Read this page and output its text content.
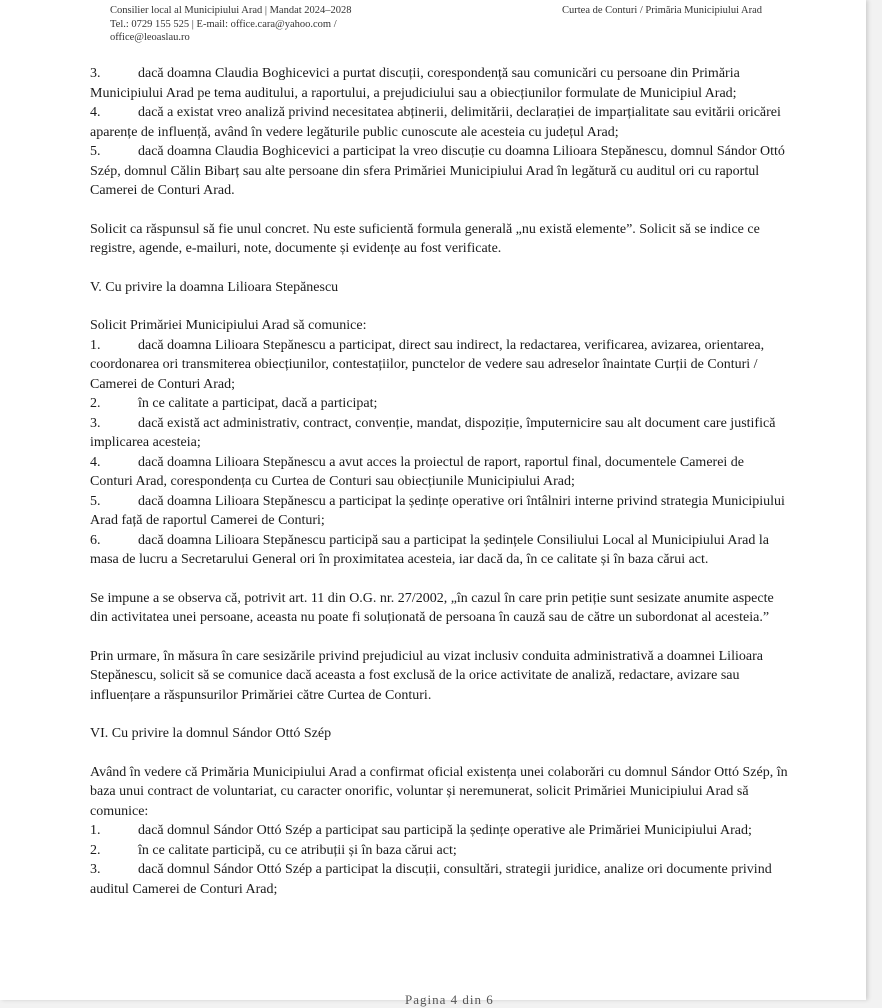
Consilier local al Municipiului Arad | Mandat 2024–2028
Tel.: 0729 155 525 | E-mail: office.cara@yahoo.com /
office@leoaslau.ro
Curtea de Conturi / Primăria Municipiului Arad

3.	dacă doamna Claudia Boghicevici a purtat discuții, corespondență sau comunicări cu persoane din Primăria Municipiului Arad pe tema auditului, a raportului, a prejudiciului sau a obiecțiunilor formulate de Municipiul Arad;

4.	dacă a existat vreo analiză privind necesitatea abținerii, delimitării, declarației de imparțialitate sau evitării oricărei aparențe de influență, având în vedere legăturile public cunoscute ale acesteia cu județul Arad;

5.	dacă doamna Claudia Boghicevici a participat la vreo discuție cu doamna Lilioara Stepănescu, domnul Sándor Ottó Szép, domnul Călin Bibarț sau alte persoane din sfera Primăriei Municipiului Arad în legătură cu auditul ori cu raportul Camerei de Conturi Arad.

Solicit ca răspunsul să fie unul concret. Nu este suficientă formula generală „nu există elemente”. Solicit să se indice ce registre, agende, e-mailuri, note, documente și evidențe au fost verificate.

V. Cu privire la doamna Lilioara Stepănescu

Solicit Primăriei Municipiului Arad să comunice:

1.	dacă doamna Lilioara Stepănescu a participat, direct sau indirect, la redactarea, verificarea, avizarea, orientarea, coordonarea ori transmiterea obiecțiunilor, contestațiilor, punctelor de vedere sau adreselor înaintate Curții de Conturi / Camerei de Conturi Arad;

2.	în ce calitate a participat, dacă a participat;

3.	dacă există act administrativ, contract, convenție, mandat, dispoziție, împuternicire sau alt document care justifică implicarea acesteia;

4.	dacă doamna Lilioara Stepănescu a avut acces la proiectul de raport, raportul final, documentele Camerei de Conturi Arad, corespondența cu Curtea de Conturi sau obiecțiunile Municipiului Arad;

5.	dacă doamna Lilioara Stepănescu a participat la ședințe operative ori întâlniri interne privind strategia Municipiului Arad față de raportul Camerei de Conturi;

6.	dacă doamna Lilioara Stepănescu participă sau a participat la ședințele Consiliului Local al Municipiului Arad la masa de lucru a Secretarului General ori în proximitatea acesteia, iar dacă da, în ce calitate și în baza cărui act.

Se impune a se observa că, potrivit art. 11 din O.G. nr. 27/2002, „în cazul în care prin petiție sunt sesizate anumite aspecte din activitatea unei persoane, aceasta nu poate fi soluționată de persoana în cauză sau de către un subordonat al acesteia.”

Prin urmare, în măsura în care sesizările privind prejudiciul au vizat inclusiv conduita administrativă a doamnei Lilioara Stepănescu, solicit să se comunice dacă aceasta a fost exclusă de la orice activitate de analiză, redactare, avizare sau influențare a răspunsurilor Primăriei către Curtea de Conturi.

VI. Cu privire la domnul Sándor Ottó Szép

Având în vedere că Primăria Municipiului Arad a confirmat oficial existența unei colaborări cu domnul Sándor Ottó Szép, în baza unui contract de voluntariat, cu caracter onorific, voluntar și neremunerat, solicit Primăriei Municipiului Arad să comunice:

1.	dacă domnul Sándor Ottó Szép a participat sau participă la ședințe operative ale Primăriei Municipiului Arad;

2.	în ce calitate participă, cu ce atribuții și în baza cărui act;

3.	dacă domnul Sándor Ottó Szép a participat la discuții, consultări, strategii juridice, analize ori documente privind auditul Camerei de Conturi Arad;

Pagina 4 din 6
